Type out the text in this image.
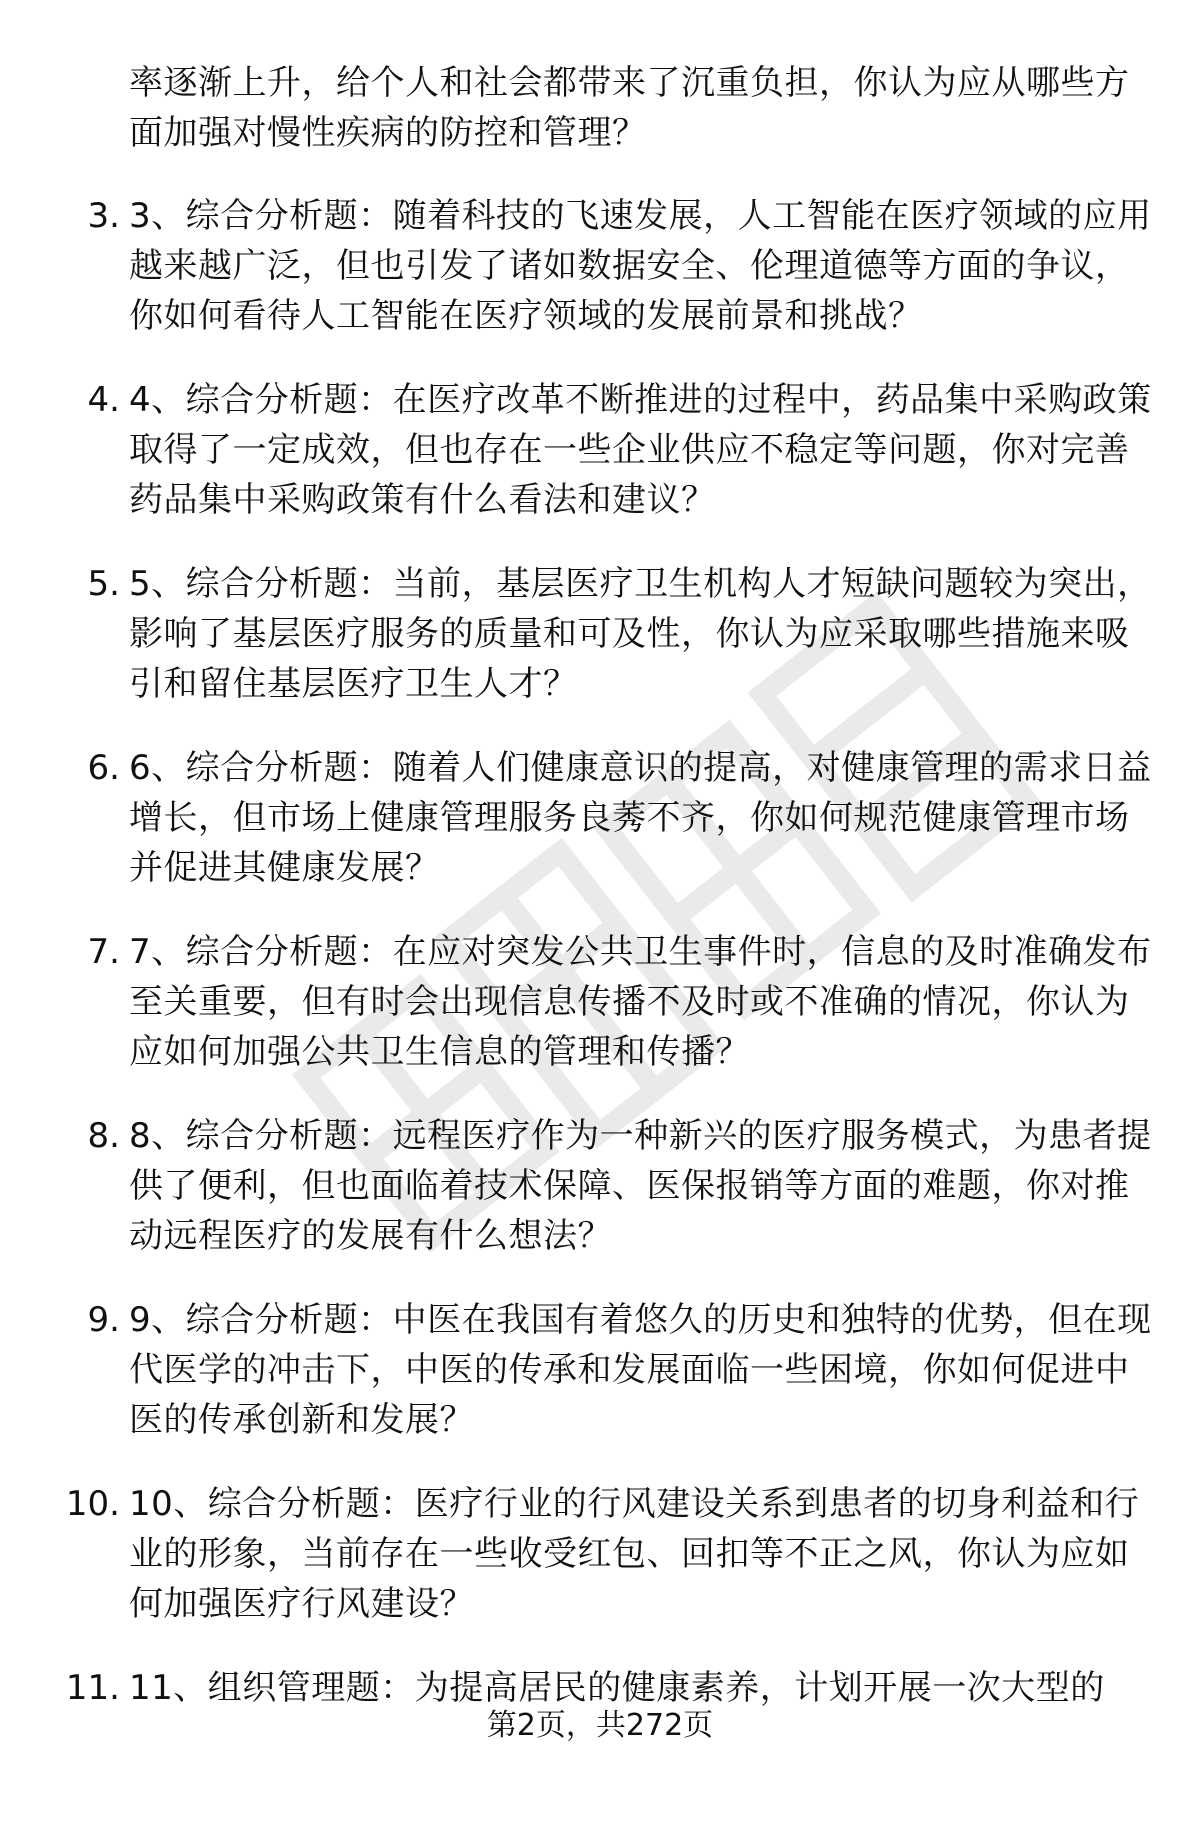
率逐渐上升，给个人和社会都带来了沉重负担，你认为应从哪些方面加强对慢性疾病的防控和管理？
3. 3、综合分析题：随着科技的飞速发展，人工智能在医疗领域的应用越来越广泛，但也引发了诸如数据安全、伦理道德等方面的争议，你如何看待人工智能在医疗领域的发展前景和挑战？
4. 4、综合分析题：在医疗改革不断推进的过程中，药品集中采购政策取得了一定成效，但也存在一些企业供应不稳定等问题，你对完善药品集中采购政策有什么看法和建议？
5. 5、综合分析题：当前，基层医疗卫生机构人才短缺问题较为突出，影响了基层医疗服务的质量和可及性，你认为应采取哪些措施来吸引和留住基层医疗卫生人才？
6. 6、综合分析题：随着人们健康意识的提高，对健康管理的需求日益增长，但市场上健康管理服务良莠不齐，你如何规范健康管理市场并促进其健康发展？
7. 7、综合分析题：在应对突发公共卫生事件时，信息的及时准确发布至关重要，但有时会出现信息传播不及时或不准确的情况，你认为应如何加强公共卫生信息的管理和传播？
8. 8、综合分析题：远程医疗作为一种新兴的医疗服务模式，为患者提供了便利，但也面临着技术保障、医保报销等方面的难题，你对推动远程医疗的发展有什么想法？
9. 9、综合分析题：中医在我国有着悠久的历史和独特的优势，但在现代医学的冲击下，中医的传承和发展面临一些困境，你如何促进中医的传承创新和发展？
10. 10、综合分析题：医疗行业的行风建设关系到患者的切身利益和行业的形象，当前存在一些收受红包、回扣等不正之风，你认为应如何加强医疗行风建设？
11. 11、组织管理题：为提高居民的健康素养，计划开展一次大型的
第2页，共272页
